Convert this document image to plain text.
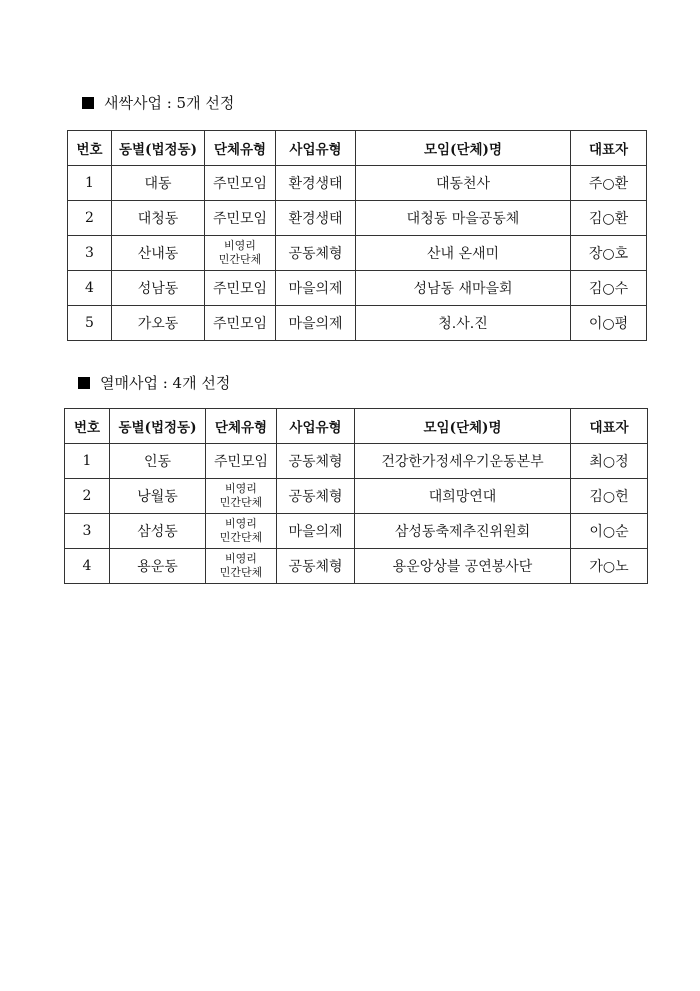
새싹사업 : 5개 선정
번호	동별(법정동)	단체유형	사업유형	모임(단체)명	대표자
1	대동	주민모임	환경생태	대동천사	주○환
2	대청동	주민모임	환경생태	대청동 마을공동체	김○환
3	산내동	비영리
민간단체	공동체형	산내 온새미	장○호
4	성남동	주민모임	마을의제	성남동 새마을회	김○수
5	가오동	주민모임	마을의제	청.사.진	이○평
열매사업 : 4개 선정
번호	동별(법정동)	단체유형	사업유형	모임(단체)명	대표자
1	인동	주민모임	공동체형	건강한가정세우기운동본부	최○정
2	낭월동	비영리
민간단체	공동체형	대희망연대	김○헌
3	삼성동	비영리
민간단체	마을의제	삼성동축제추진위원회	이○순
4	용운동	비영리
민간단체	공동체형	용운앙상블 공연봉사단	가○노
